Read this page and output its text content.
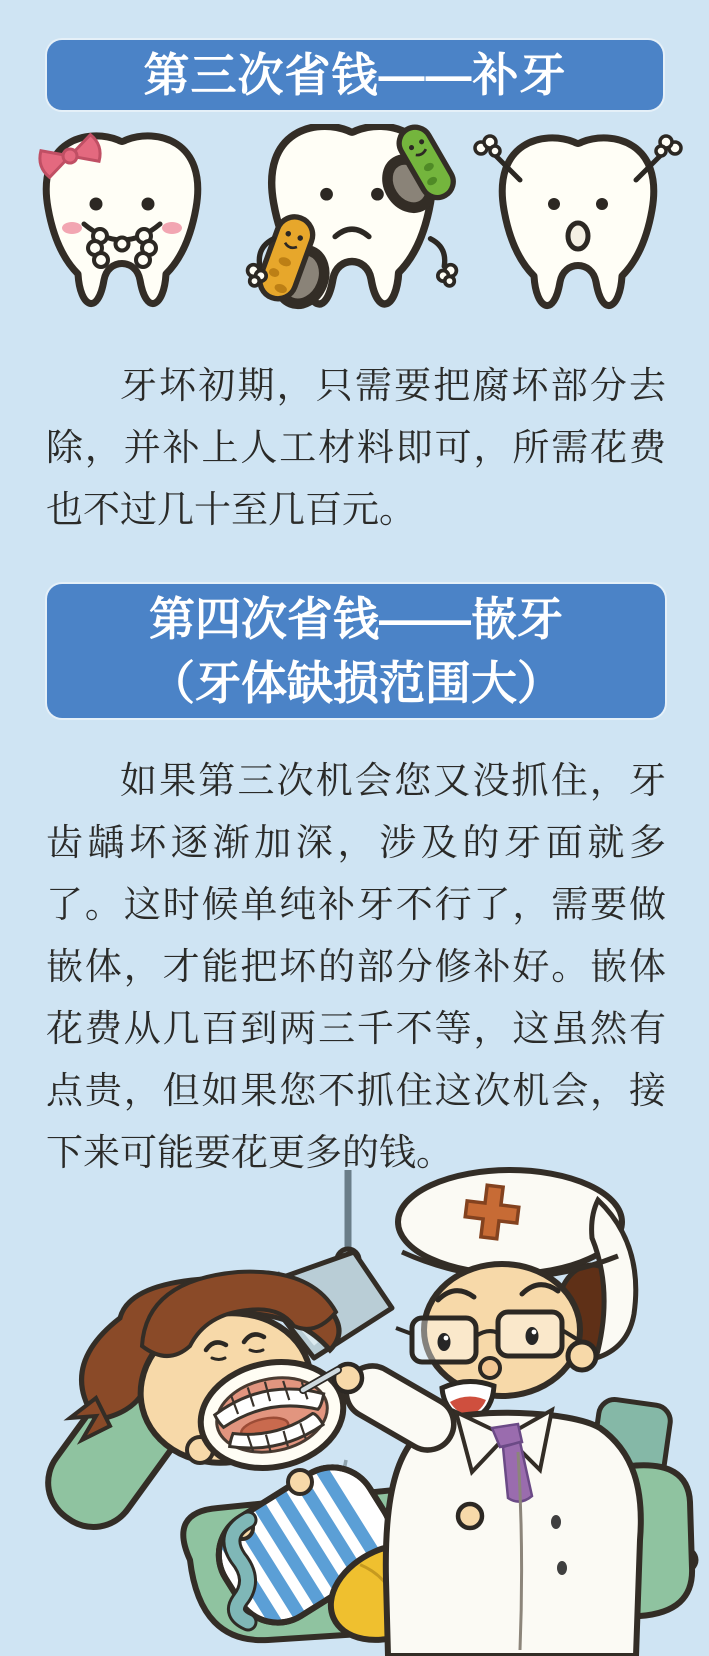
第三次省钱——补牙

牙坏初期，只需要把腐坏部分去除，并补上人工材料即可，所需花费也不过几十至几百元。

第四次省钱——嵌牙
（牙体缺损范围大）

如果第三次机会您又没抓住，牙齿龋坏逐渐加深，涉及的牙面就多了。这时候单纯补牙不行了，需要做嵌体，才能把坏的部分修补好。嵌体花费从几百到两三千不等，这虽然有点贵，但如果您不抓住这次机会，接下来可能要花更多的钱。
